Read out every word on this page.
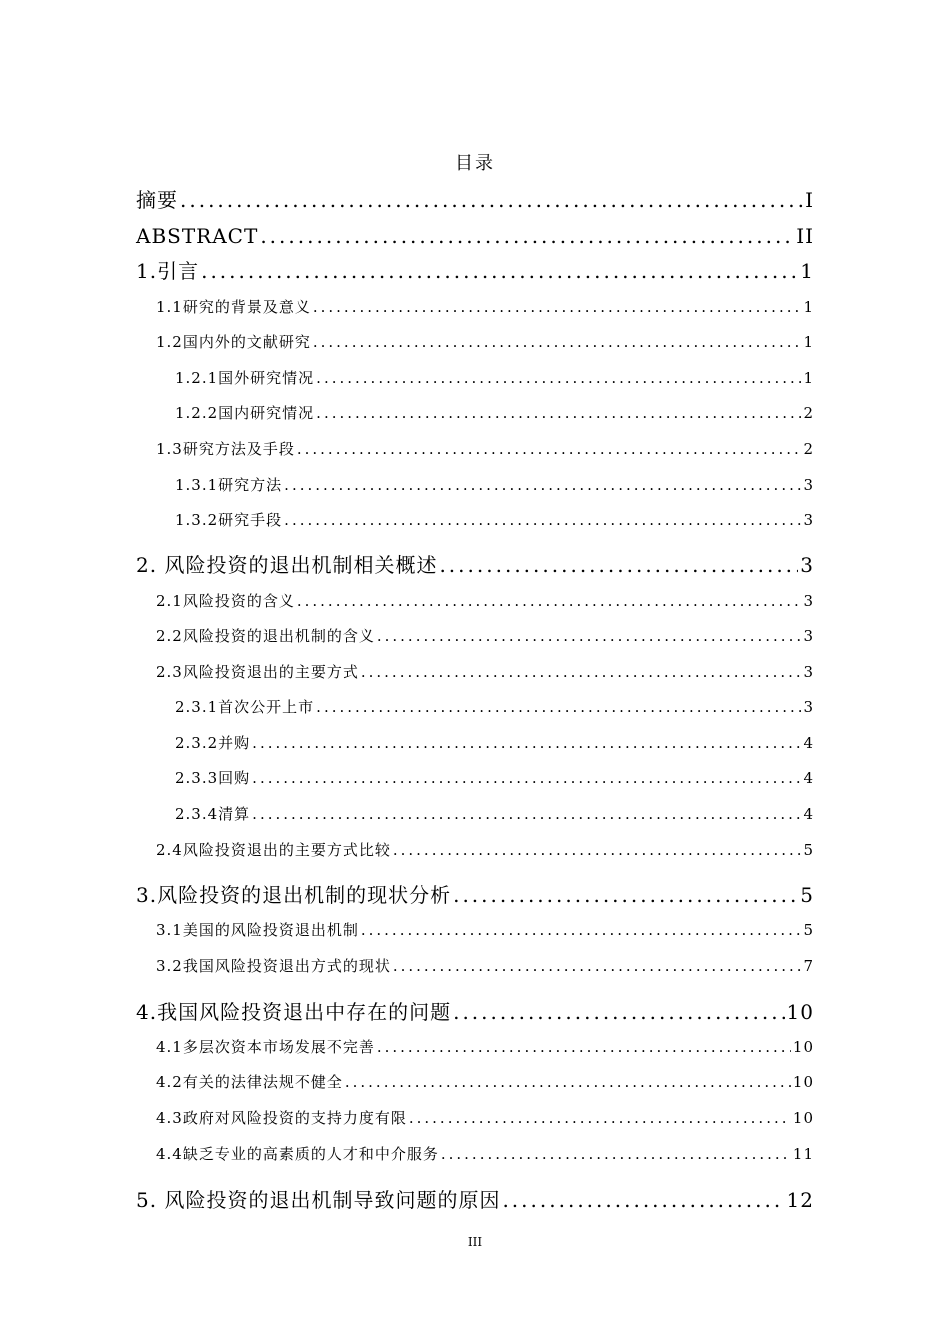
目录
摘要 .....	I
ABSTRACT .....	II
1.引言 .....	1
1.1研究的背景及意义 .....	1
1.2国内外的文献研究 .....	1
1.2.1国外研究情况 .....	1
1.2.2国内研究情况 .....	2
1.3研究方法及手段 .....	2
1.3.1研究方法 .....	3
1.3.2研究手段 .....	3
2. 风险投资的退出机制相关概述 .....	3
2.1风险投资的含义 .....	3
2.2风险投资的退出机制的含义 .....	3
2.3风险投资退出的主要方式 .....	3
2.3.1首次公开上市 .....	3
2.3.2并购 .....	4
2.3.3回购 .....	4
2.3.4清算 .....	4
2.4风险投资退出的主要方式比较 .....	5
3.风险投资的退出机制的现状分析 .....	5
3.1美国的风险投资退出机制 .....	5
3.2我国风险投资退出方式的现状 .....	7
4.我国风险投资退出中存在的问题 .....	10
4.1多层次资本市场发展不完善 .....	10
4.2有关的法律法规不健全 .....	10
4.3政府对风险投资的支持力度有限 .....	10
4.4缺乏专业的高素质的人才和中介服务 .....	11
5. 风险投资的退出机制导致问题的原因 .....	12
III
